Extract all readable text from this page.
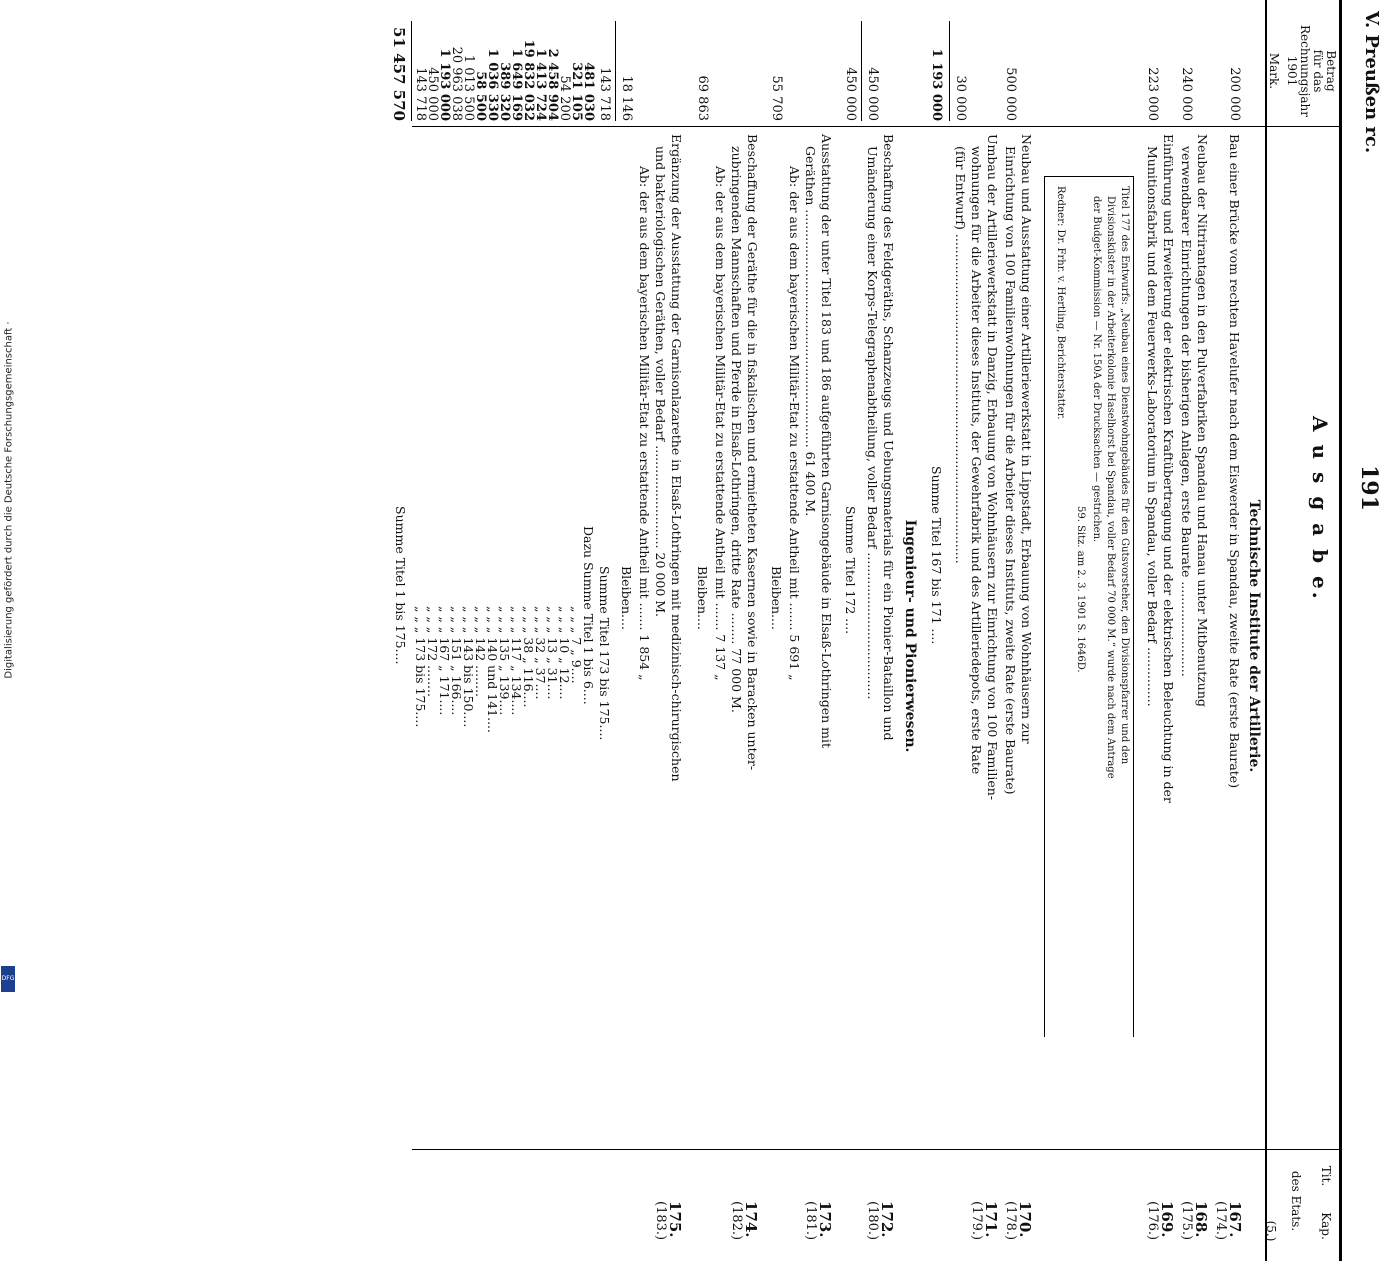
Digitalisierung gefördert durch die Deutsche Forschungsgemeinschaft ·
DFG
191
V. Preußen rc.
A u s g a b e.
Kap.
Tit.
des Etats.
(5.)
Betrag
für das
Rechnungsjahr
1901
Mark.
Technische Institute der Artillerie.
167.
(174.)
Bau einer Brücke vom rechten Havelufer nach dem Eiswerder in Spandau, zweite Rate (erste Baurate)
200 000
168.
(175.)
Neubau der Nitrirantagen in den Pulverfabriken Spandau und Hanau unter Mitbenutzung
verwendbarer Einrichtungen der bisherigen Anlagen, erste Baurate ........................
240 000
169.
(176.)
Einführung und Erweiterung der elektrischen Kraftübertragung und der elektrischen Beleuchtung in der
Munitionsfabrik und dem Feuerwerks-Laboratorium in Spandau, voller Bedarf ...............
223 000
Titel 177 des Entwurfs: „Neubau eines Dienstwohngebäudes für den Gutsvorsteher, den Divisionspfarrer und den
Divisionsküster in der Arbeiterkolonie Haselhorst bei Spandau, voller Bedarf 70 000 M.“ wurde nach dem Antrage
der Budget-Kommission — Nr. 150A der Drucksachen — gestrichen.
59. Sitz. am 2. 3. 1901 S. 1646D.
Redner: Dr. Frhr. v. Hertling, Berichterstatter.
170.
(178.)
Neubau und Ausstattung einer Artilleriewerkstatt in Lippstadt, Erbauung von Wohnhäusern zur
Einrichtung von 100 Familienwohnungen für die Arbeiter dieses Instituts, zweite Rate (erste Baurate)
500 000
171.
(179.)
Umbau der Artilleriewerkstatt in Danzig, Erbauung von Wohnhäusern zur Einrichtung von 100 Familien-
wohnungen für die Arbeiter dieses Instituts, der Gewehrfabrik und des Artilleriedepots, erste Rate
(für Entwurf) ...................................................................................
30 000
Summe Titel 167 bis 171 ....
1 193 000
Ingenieur- und Pionierwesen.
172.
(180.)
Beschaffung des Feldgeräths, Schanzzeugs und Uebungsmaterials für ein Pionier-Bataillon und
Umänderung einer Korps-Telegraphenabtheilung, voller Bedarf .....................................
450 000
Summe Titel 172 ....
450 000
173.
(181.)
Ausstattung der unter Titel 183 und 186 aufgeführten Garnisongebäude in Elsaß-Lothringen mit
Geräthen ............................................................ 61 400 M.
Ab: der aus dem bayerischen Militär-Etat zu erstattende Antheil mit ....... 5 691 „
Bleiben....
55 709
174.
(182.)
Beschaffung der Geräthe für die in fiskalischen und ermietheten Kasernen sowie in Baracken unter-
zubringenden Mannschaften und Pferde in Elsaß-Lothringen, dritte Rate ........ 77 000 M.
Ab: der aus dem bayerischen Militär-Etat zu erstattende Antheil mit ....... 7 137 „
Bleiben....
69 863
175.
(183.)
Ergänzung der Ausstattung der Garnisonlazarethe in Elsaß-Lothringen mit medizinisch-chirurgischen
und bakteriologischen Geräthen, voller Bedarf .......................... 20 000 M.
Ab: der aus dem bayerischen Militär-Etat zu erstattende Antheil mit ....... 1 854 „
Bleiben....
18 146
Summe Titel 173 bis 175....
143 718
Dazu Summe Titel 1 bis 6....
481 030
„ „ „ 7 „ 9....
321 105
„ „ „ 10 „ 12....
54 200
„ „ „ 13 „ 31....
2 458 904
„ „ „ 32 „ 37....
1 413 724
„ „ „ 38 „ 116....
19 832 032
„ „ „ 117 „ 134....
1 649 169
„ „ „ 135 „ 139....
389 320
„ „ „ 140 und 141....
1 036 330
„ „ „ 142 ........
58 500
„ „ „ 143 bis 150....
1 013 500
„ „ „ 151 „ 166....
20 963 038
„ „ „ 167 „ 171....
1 193 000
„ „ „ 172 ........
450 000
„ „ „ 173 bis 175....
143 718
Summe Titel 1 bis 175....
51 457 570
